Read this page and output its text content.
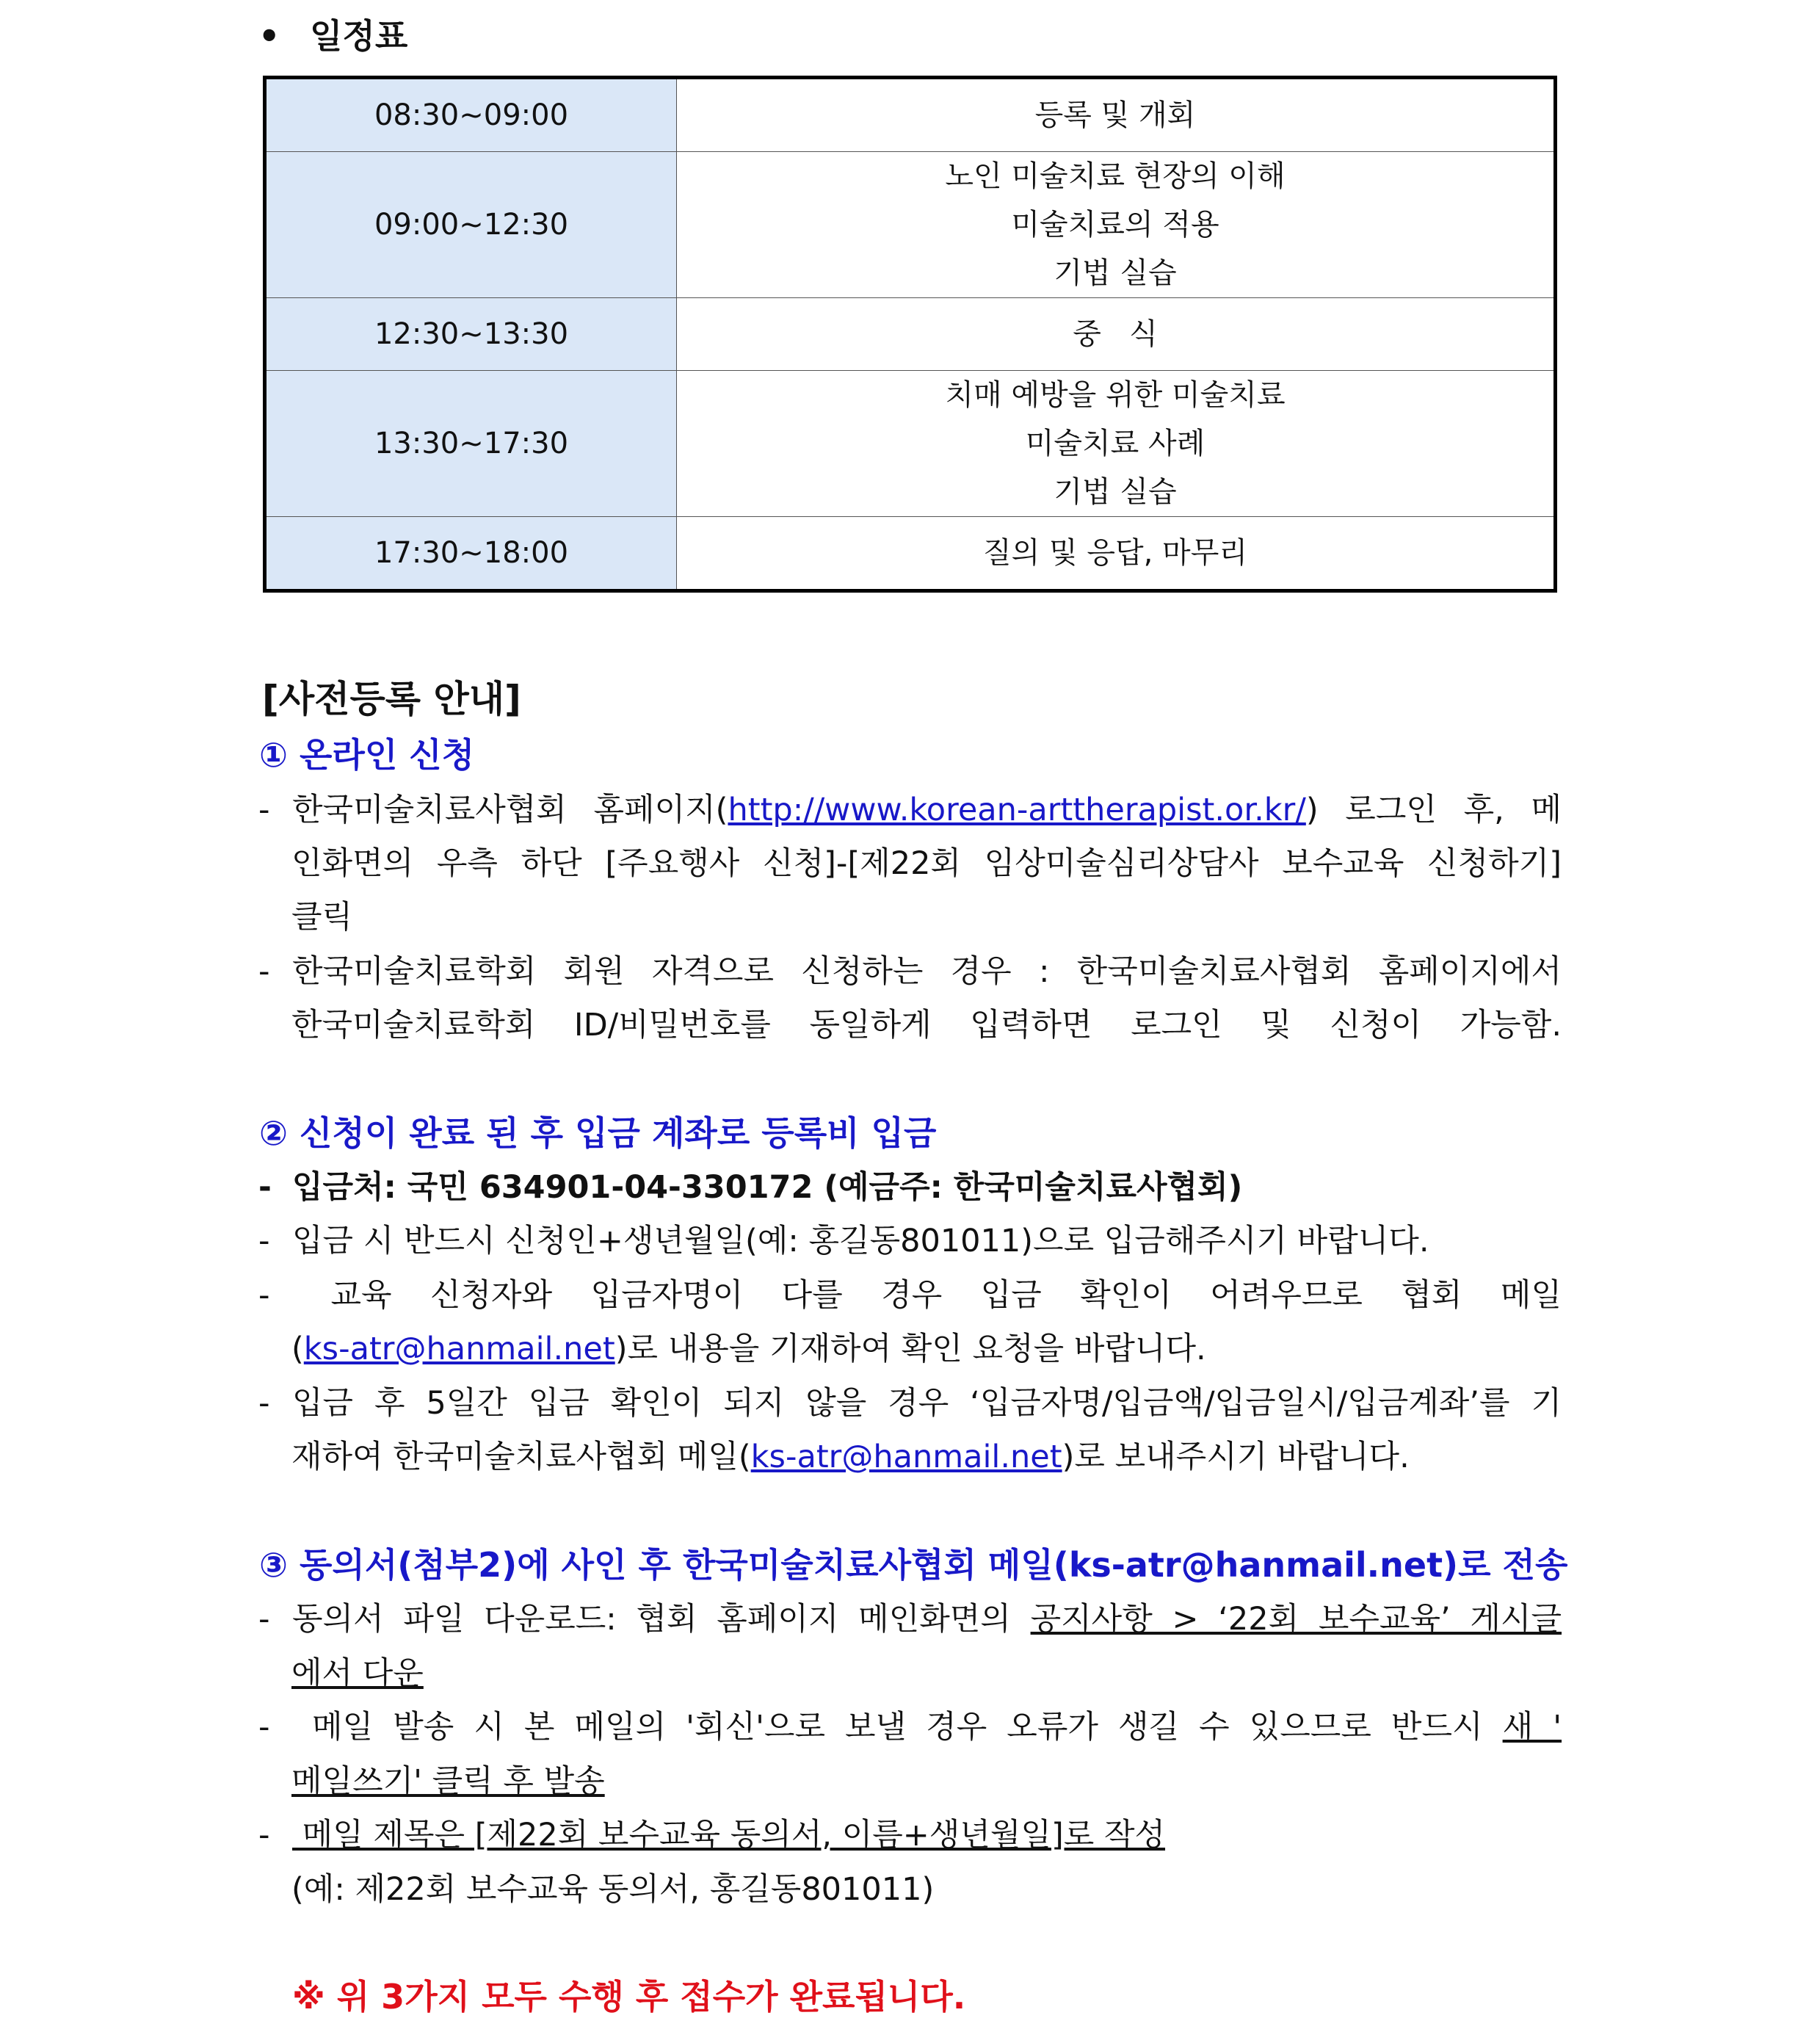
• 일정표
08:30~09:00	등록 및 개회

09:00~12:30	노인 미술치료 현장의 이해
미술치료의 적용
기법 실습

12:30~13:30	중   식

13:30~17:30	치매 예방을 위한 미술치료
미술치료 사례
기법 실습

17:30~18:00	질의 및 응답, 마무리
[사전등록 안내]
① 온라인 신청
- 한국미술치료사협회 홈페이지(http://www.korean-arttherapist.or.kr/) 로그인 후, 메
인화면의 우측 하단 [주요행사 신청]-[제22회 임상미술심리상담사 보수교육 신청하기]
클릭
- 한국미술치료학회 회원 자격으로 신청하는 경우 : 한국미술치료사협회 홈페이지에서
한국미술치료학회 ID/비밀번호를 동일하게 입력하면 로그인 및 신청이 가능함.
② 신청이 완료 된 후 입금 계좌로 등록비 입금
- 입금처: 국민 634901-04-330172 (예금주: 한국미술치료사협회)
- 입금 시 반드시 신청인+생년월일(예: 홍길동801011)으로 입금해주시기 바랍니다.
- 교육 신청자와 입금자명이 다를 경우 입금 확인이 어려우므로 협회 메일
(ks-atr@hanmail.net)로 내용을 기재하여 확인 요청을 바랍니다.
- 입금 후 5일간 입금 확인이 되지 않을 경우 ‘입금자명/입금액/입금일시/입금계좌’를 기
재하여 한국미술치료사협회 메일(ks-atr@hanmail.net)로 보내주시기 바랍니다.
③ 동의서(첨부2)에 사인 후 한국미술치료사협회 메일(ks-atr@hanmail.net)로 전송
- 동의서 파일 다운로드: 협회 홈페이지 메인화면의 공지사항 > ‘22회 보수교육’ 게시글
에서 다운
- 메일 발송 시 본 메일의 '회신'으로 보낼 경우 오류가 생길 수 있으므로 반드시 새 '
메일쓰기' 클릭 후 발송
- 메일 제목은 [제22회 보수교육 동의서, 이름+생년월일]로 작성
(예: 제22회 보수교육 동의서, 홍길동801011)
※ 위 3가지 모두 수행 후 접수가 완료됩니다.
